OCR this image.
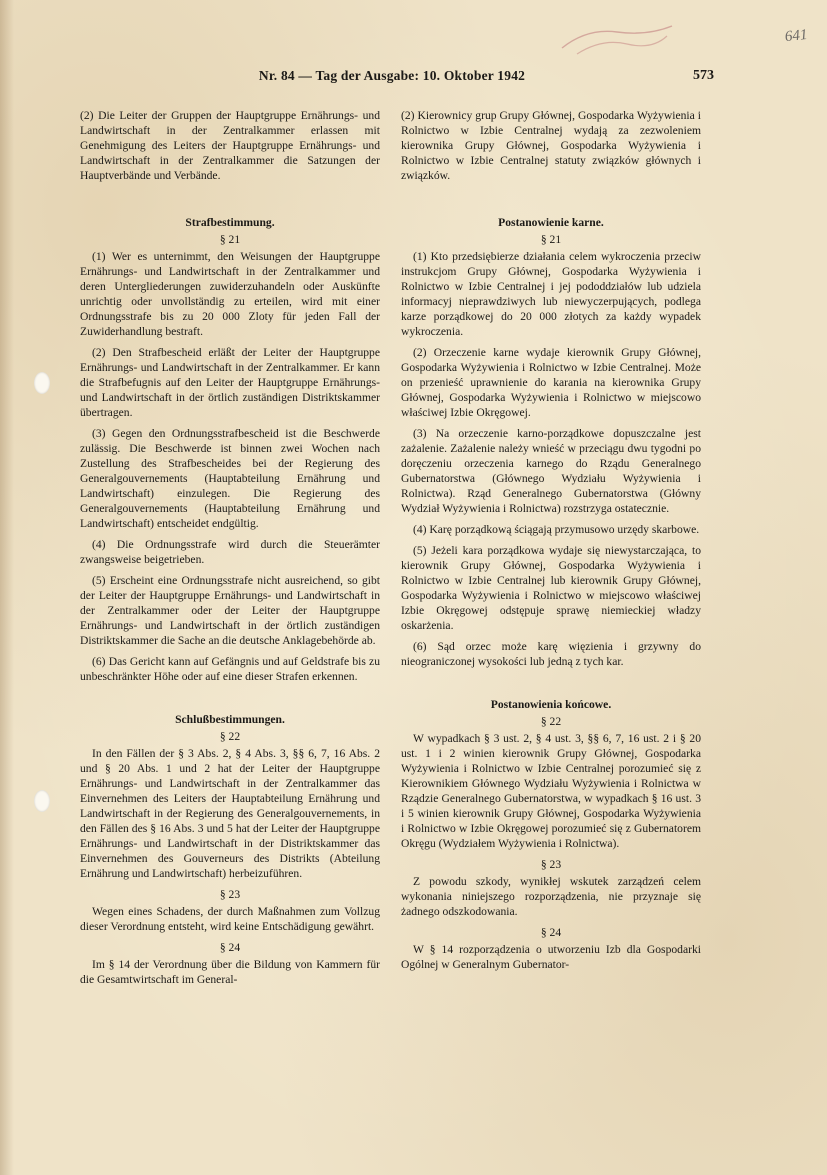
641
Nr. 84 — Tag der Ausgabe: 10. Oktober 1942	573

(2) Die Leiter der Gruppen der Hauptgruppe Ernährungs- und Landwirtschaft in der Zentralkammer erlassen mit Genehmigung des Leiters der Hauptgruppe Ernährungs- und Landwirtschaft in der Zentralkammer die Satzungen der Hauptverbände und Verbände.

Strafbestimmung.
§ 21

(1) Wer es unternimmt, den Weisungen der Hauptgruppe Ernährungs- und Landwirtschaft in der Zentralkammer und deren Untergliederungen zuwiderzuhandeln oder Auskünfte unrichtig oder unvollständig zu erteilen, wird mit einer Ordnungsstrafe bis zu 20 000 Zloty für jeden Fall der Zuwiderhandlung bestraft.

(2) Den Strafbescheid erläßt der Leiter der Hauptgruppe Ernährungs- und Landwirtschaft in der Zentralkammer. Er kann die Strafbefugnis auf den Leiter der Hauptgruppe Ernährungs- und Landwirtschaft in der örtlich zuständigen Distriktskammer übertragen.

(3) Gegen den Ordnungsstrafbescheid ist die Beschwerde zulässig. Die Beschwerde ist binnen zwei Wochen nach Zustellung des Strafbescheides bei der Regierung des Generalgouvernements (Hauptabteilung Ernährung und Landwirtschaft) einzulegen. Die Regierung des Generalgouvernements (Hauptabteilung Ernährung und Landwirtschaft) entscheidet endgültig.

(4) Die Ordnungsstrafe wird durch die Steuerämter zwangsweise beigetrieben.

(5) Erscheint eine Ordnungsstrafe nicht ausreichend, so gibt der Leiter der Hauptgruppe Ernährungs- und Landwirtschaft in der Zentralkammer oder der Leiter der Hauptgruppe Ernährungs- und Landwirtschaft in der örtlich zuständigen Distriktskammer die Sache an die deutsche Anklagebehörde ab.

(6) Das Gericht kann auf Gefängnis und auf Geldstrafe bis zu unbeschränkter Höhe oder auf eine dieser Strafen erkennen.

Schlußbestimmungen.
§ 22

In den Fällen der § 3 Abs. 2, § 4 Abs. 3, §§ 6, 7, 16 Abs. 2 und § 20 Abs. 1 und 2 hat der Leiter der Hauptgruppe Ernährungs- und Landwirtschaft in der Zentralkammer das Einvernehmen des Leiters der Hauptabteilung Ernährung und Landwirtschaft in der Regierung des Generalgouvernements, in den Fällen des § 16 Abs. 3 und 5 hat der Leiter der Hauptgruppe Ernährungs- und Landwirtschaft in der Distriktskammer das Einvernehmen des Gouverneurs des Distrikts (Abteilung Ernährung und Landwirtschaft) herbeizuführen.

§ 23

Wegen eines Schadens, der durch Maßnahmen zum Vollzug dieser Verordnung entsteht, wird keine Entschädigung gewährt.

§ 24

Im § 14 der Verordnung über die Bildung von Kammern für die Gesamtwirtschaft im General-

(2) Kierownicy grup Grupy Głównej, Gospodarka Wyżywienia i Rolnictwo w Izbie Centralnej wydają za zezwoleniem kierownika Grupy Głównej, Gospodarka Wyżywienia i Rolnictwo w Izbie Centralnej statuty związków głównych i związków.

Postanowienie karne.
§ 21

(1) Kto przedsiębierze działania celem wykroczenia przeciw instrukcjom Grupy Głównej, Gospodarka Wyżywienia i Rolnictwo w Izbie Centralnej i jej pododdziałów lub udziela informacyj nieprawdziwych lub niewyczerpujących, podlega karze porządkowej do 20 000 złotych za każdy wypadek wykroczenia.

(2) Orzeczenie karne wydaje kierownik Grupy Głównej, Gospodarka Wyżywienia i Rolnictwo w Izbie Centralnej. Może on przenieść uprawnienie do karania na kierownika Grupy Głównej, Gospodarka Wyżywienia i Rolnictwo w miejscowo właściwej Izbie Okręgowej.

(3) Na orzeczenie karno-porządkowe dopuszczalne jest zażalenie. Zażalenie należy wnieść w przeciągu dwu tygodni po doręczeniu orzeczenia karnego do Rządu Generalnego Gubernatorstwa (Głównego Wydziału Wyżywienia i Rolnictwa). Rząd Generalnego Gubernatorstwa (Główny Wydział Wyżywienia i Rolnictwa) rozstrzyga ostatecznie.

(4) Karę porządkową ściągają przymusowo urzędy skarbowe.

(5) Jeżeli kara porządkowa wydaje się niewystarczająca, to kierownik Grupy Głównej, Gospodarka Wyżywienia i Rolnictwo w Izbie Centralnej lub kierownik Grupy Głównej, Gospodarka Wyżywienia i Rolnictwo w miejscowo właściwej Izbie Okręgowej odstępuje sprawę niemieckiej władzy oskarżenia.

(6) Sąd orzec może karę więzienia i grzywny do nieograniczonej wysokości lub jedną z tych kar.

Postanowienia końcowe.
§ 22

W wypadkach § 3 ust. 2, § 4 ust. 3, §§ 6, 7, 16 ust. 2 i § 20 ust. 1 i 2 winien kierownik Grupy Głównej, Gospodarka Wyżywienia i Rolnictwo w Izbie Centralnej porozumieć się z Kierownikiem Głównego Wydziału Wyżywienia i Rolnictwa w Rządzie Generalnego Gubernatorstwa, w wypadkach § 16 ust. 3 i 5 winien kierownik Grupy Głównej, Gospodarka Wyżywienia i Rolnictwo w Izbie Okręgowej porozumieć się z Gubernatorem Okręgu (Wydziałem Wyżywienia i Rolnictwa).

§ 23

Z powodu szkody, wynikłej wskutek zarządzeń celem wykonania niniejszego rozporządzenia, nie przyznaje się żadnego odszkodowania.

§ 24

W § 14 rozporządzenia o utworzeniu Izb dla Gospodarki Ogólnej w Generalnym Gubernator-
